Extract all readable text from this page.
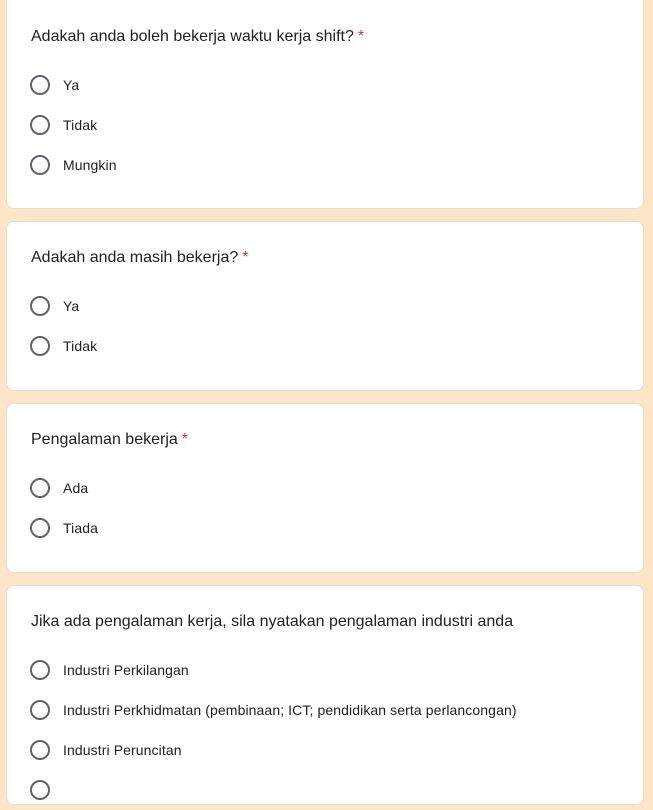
Adakah anda boleh bekerja waktu kerja shift? *
Ya
Tidak
Mungkin
Adakah anda masih bekerja? *
Ya
Tidak
Pengalaman bekerja *
Ada
Tiada
Jika ada pengalaman kerja, sila nyatakan pengalaman industri anda
Industri Perkilangan
Industri Perkhidmatan (pembinaan; ICT; pendidikan serta perlancongan)
Industri Peruncitan
